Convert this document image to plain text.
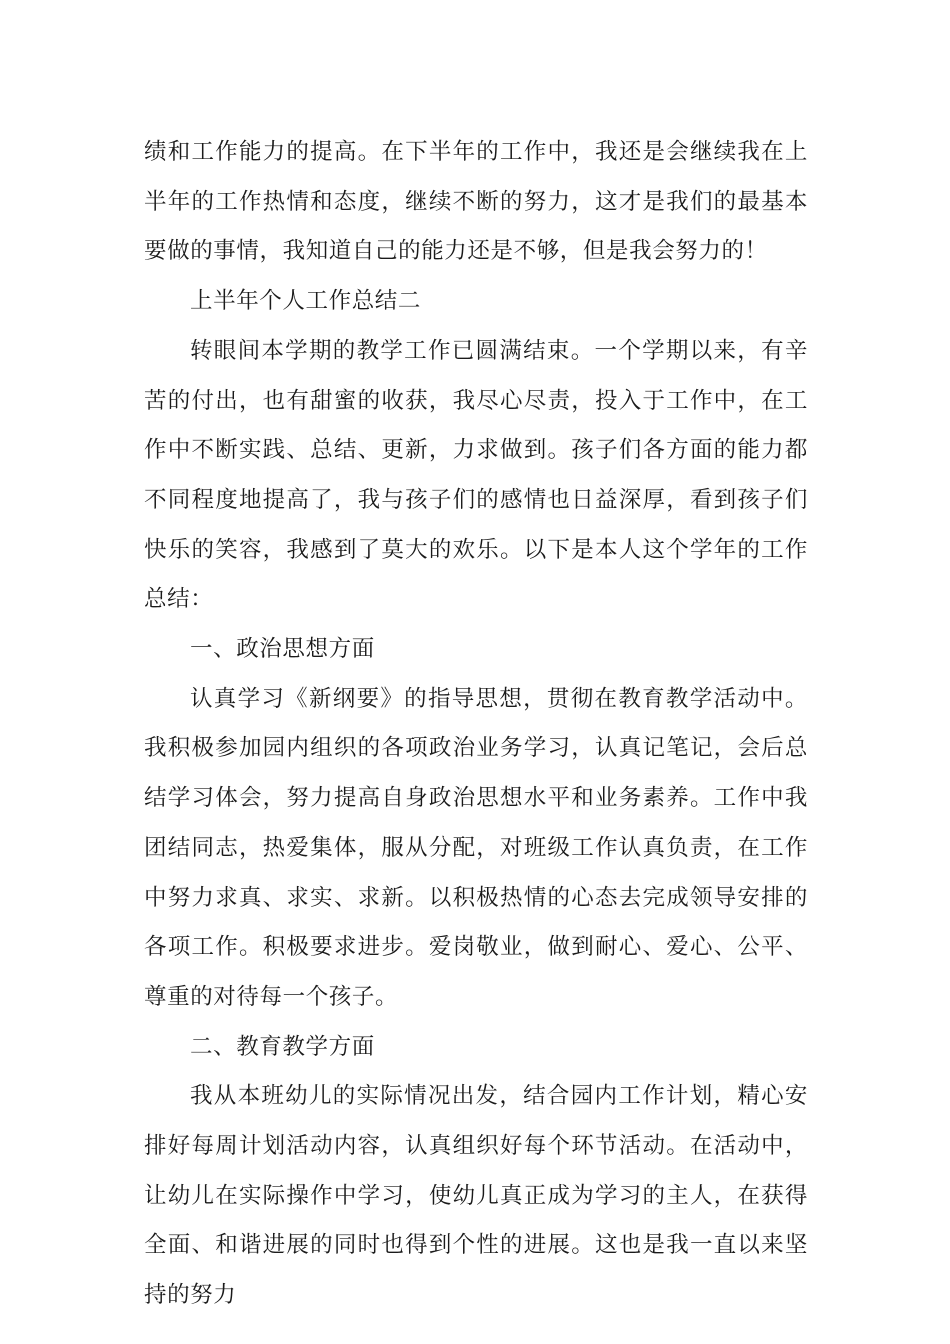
绩和工作能力的提高。在下半年的工作中，我还是会继续我在上半年的工作热情和态度，继续不断的努力，这才是我们的最基本要做的事情，我知道自己的能力还是不够，但是我会努力的！

上半年个人工作总结二

转眼间本学期的教学工作已圆满结束。一个学期以来，有辛苦的付出，也有甜蜜的收获，我尽心尽责，投入于工作中，在工作中不断实践、总结、更新，力求做到。孩子们各方面的能力都不同程度地提高了，我与孩子们的感情也日益深厚，看到孩子们快乐的笑容，我感到了莫大的欢乐。以下是本人这个学年的工作总结：

一、政治思想方面

认真学习《新纲要》的指导思想，贯彻在教育教学活动中。我积极参加园内组织的各项政治业务学习，认真记笔记，会后总结学习体会，努力提高自身政治思想水平和业务素养。工作中我团结同志，热爱集体，服从分配，对班级工作认真负责，在工作中努力求真、求实、求新。以积极热情的心态去完成领导安排的各项工作。积极要求进步。爱岗敬业，做到耐心、爱心、公平、尊重的对待每一个孩子。

二、教育教学方面

我从本班幼儿的实际情况出发，结合园内工作计划，精心安排好每周计划活动内容，认真组织好每个环节活动。在活动中，让幼儿在实际操作中学习，使幼儿真正成为学习的主人，在获得全面、和谐进展的同时也得到个性的进展。这也是我一直以来坚持的努力
